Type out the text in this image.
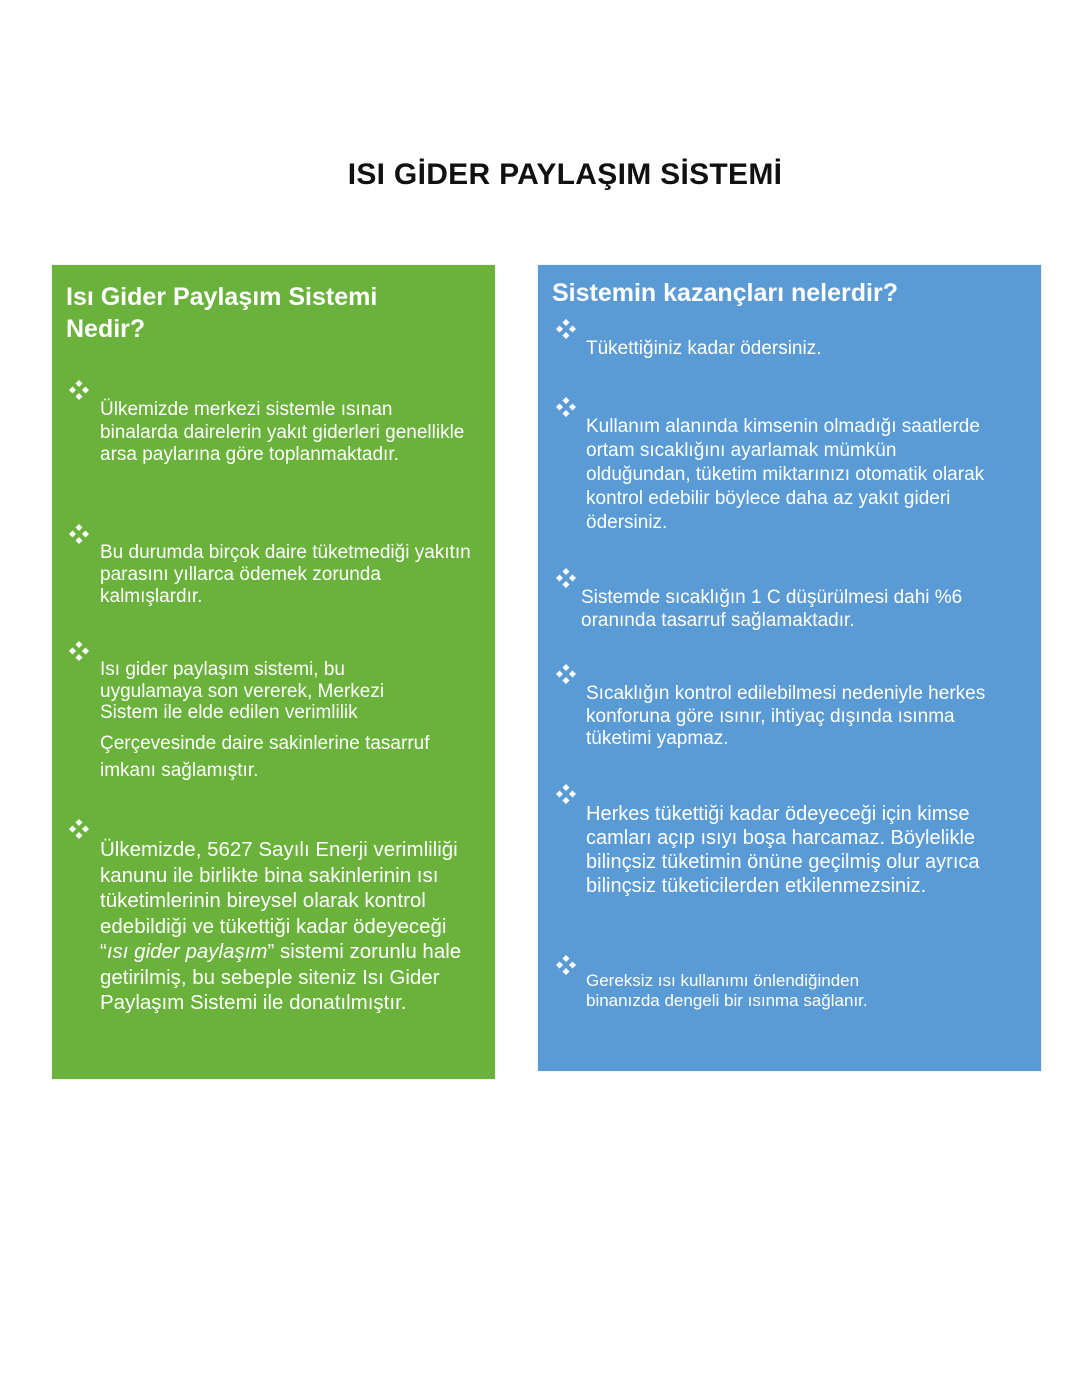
ISI GİDER PAYLAŞIM SİSTEMİ
Isı Gider Paylaşım Sistemi
Nedir?
Ülkemizde merkezi sistemle ısınan binalarda dairelerin yakıt giderleri genellikle arsa paylarına göre toplanmaktadır.
Bu durumda birçok daire tüketmediği yakıtın parasını yıllarca ödemek zorunda kalmışlardır.
Isı gider paylaşım sistemi, bu uygulamaya son vererek, Merkezi Sistem ile elde edilen verimlilik
Çerçevesinde daire sakinlerine tasarruf imkanı sağlamıştır.
Ülkemizde, 5627 Sayılı Enerji verimliliği kanunu ile birlikte bina sakinlerinin ısı tüketimlerinin bireysel olarak kontrol edebildiği ve tükettiği kadar ödeyeceği “ısı gider paylaşım” sistemi zorunlu hale getirilmiş, bu sebeple siteniz Isı Gider Paylaşım Sistemi ile donatılmıştır.
Sistemin kazançları nelerdir?
Tükettiğiniz kadar ödersiniz.
Kullanım alanında kimsenin olmadığı saatlerde ortam sıcaklığını ayarlamak mümkün olduğundan, tüketim miktarınızı otomatik olarak kontrol edebilir böylece daha az yakıt gideri ödersiniz.
Sistemde sıcaklığın 1 C düşürülmesi dahi %6 oranında tasarruf sağlamaktadır.
Sıcaklığın kontrol edilebilmesi nedeniyle herkes konforuna göre ısınır, ihtiyaç dışında ısınma tüketimi yapmaz.
Herkes tükettiği kadar ödeyeceği için kimse camları açıp ısıyı boşa harcamaz. Böylelikle bilinçsiz tüketimin önüne geçilmiş olur ayrıca bilinçsiz tüketicilerden etkilenmezsiniz.
Gereksiz ısı kullanımı önlendiğinden binanızda dengeli bir ısınma sağlanır.
